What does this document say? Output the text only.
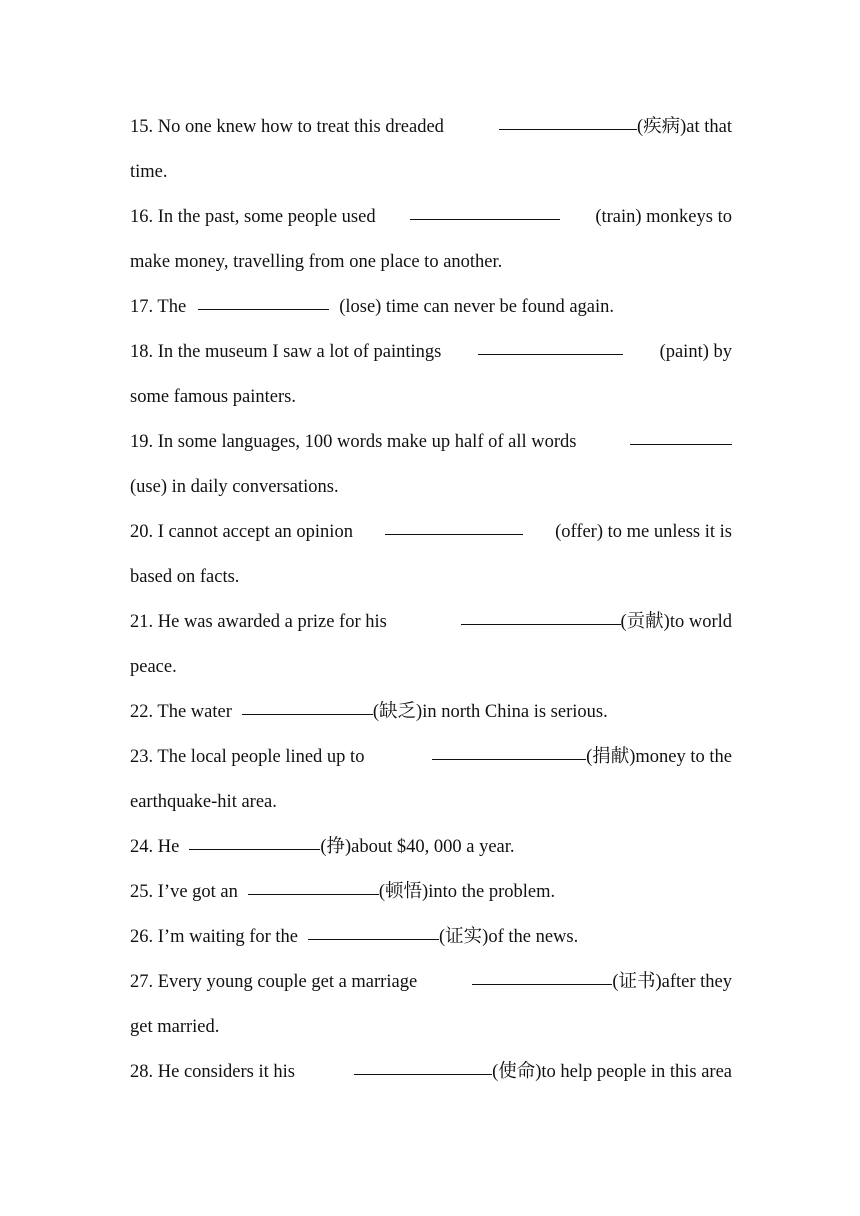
15. No one knew how to treat this dreaded	(疾病)at that
time.
16. In the past, some people used	(train) monkeys to
make money, travelling from one place to another.
17. The	(lose) time can never be found again.
18. In the museum I saw a lot of paintings	(paint) by
some famous painters.
19. In some languages, 100 words make up half of all words
(use) in daily conversations.
20. I cannot accept an opinion	(offer) to me unless it is
based on facts.
21. He was awarded a prize for his	(贡献)to world
peace.
22. The water	(缺乏)in north China is serious.
23. The local people lined up to	(捐献)money to the
earthquake-hit area.
24. He	(挣)about $40, 000 a year.
25. I’ve got an	(顿悟)into the problem.
26. I’m waiting for the	(证实)of the news.
27. Every young couple get a marriage	(证书)after they
get married.
28. He considers it his	(使命)to help people in this area
